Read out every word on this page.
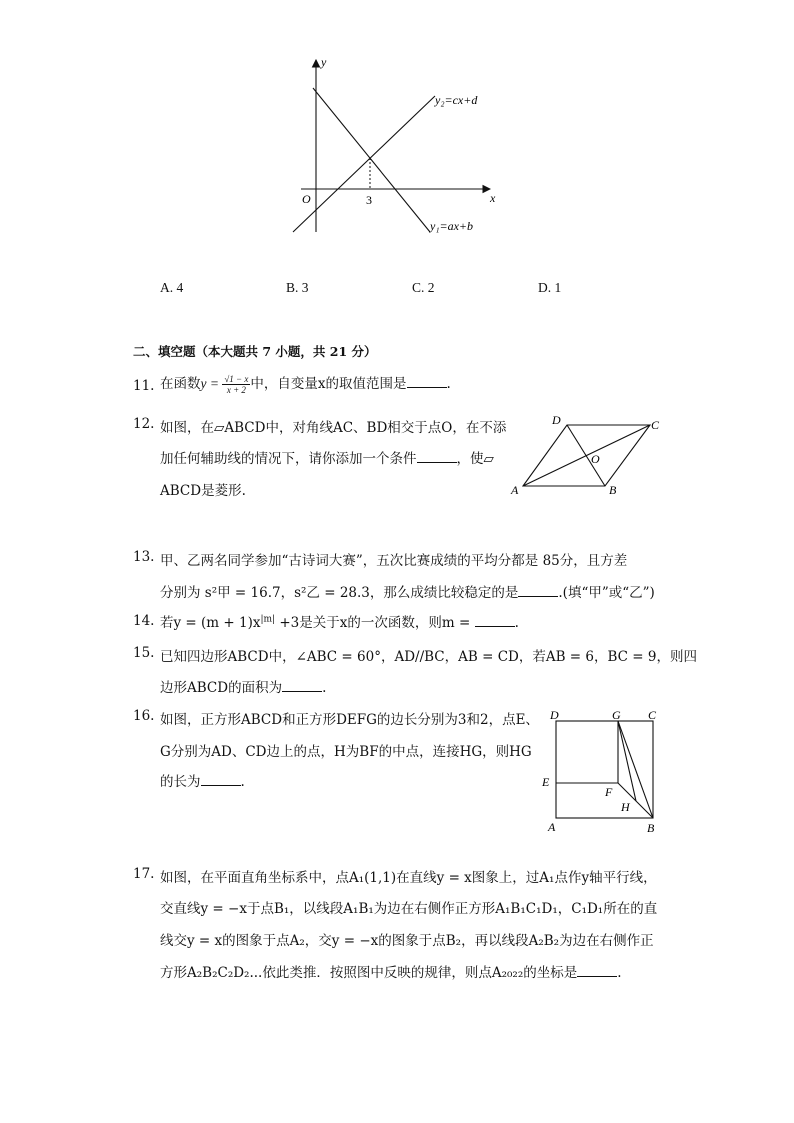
y
x
O	3
y₂=cx+d
y₁=ax+b
A. 4	B. 3	C. 2	D. 1
二、填空题（本大题共 7 小题，共 21 分）
11. 在函数$y = \frac{√1 - x}{x + 2}$ 中，自变量x的取值范围是	.
12. 如图，在▱ABCD中，对角线AC、BD相交于点O，在不添
加任何辅助线的情况下，请你添加一个条件	，使▱
ABCD是菱形.	A	B
C
D
O
13. 甲、乙两名同学参加“古诗词大赛”，五次比赛成绩的平均分都是 85分，且方差
分别为 s²甲 = 16.7，s²乙 = 28.3，那么成绩比较稳定的是	.(填“甲”或“乙”)
14. 若$y = (m + 1)x^{|m|} +3$是关于x的一次函数，则m =	.
15. 已知四边形ABCD中，∠ABC = 60°，AD//BC，AB = CD，若AB = 6，BC = 9，则四
边形ABCD的面积为	.
16. 如图，正方形ABCD和正方形DEFG的边长分别为3和2，点E、
G分别为AD、CD边上的点，H为BF的中点，连接HG，则HG
的长为	.
D	G C
E
F
H
A	B
17. 如图，在平面直角坐标系中，点A₁(1,1)在直线y = x图象上，过A₁点作y轴平行线，
交直线y = −x于点B₁，以线段A₁B₁为边在右侧作正方形A₁B₁C₁D₁，C₁D₁所在的直
线交y = x的图象于点A₂，交y = −x的图象于点B₂，再以线段A₂B₂为边在右侧作正
方形A₂B₂C₂D₂...依此类推．按照图中反映的规律，则点A₂₀₂₂的坐标是	.
